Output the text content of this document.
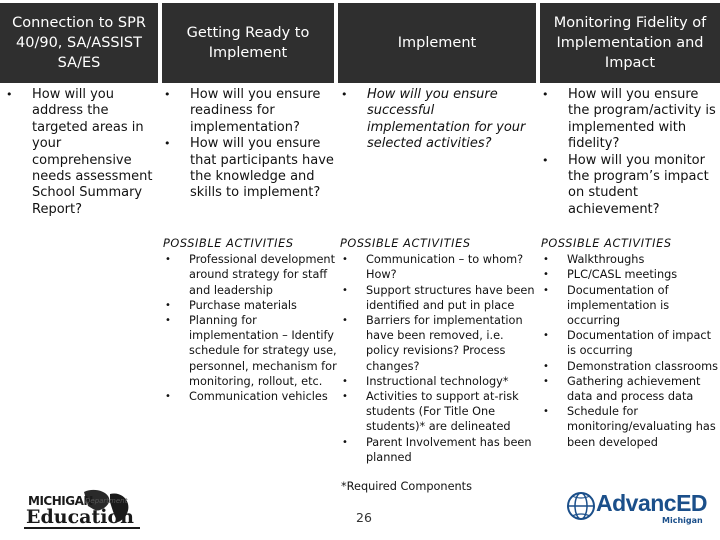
Connection to SPR 40/90, SA/ASSIST SA/ES
Getting Ready to Implement
Implement
Monitoring Fidelity of Implementation and Impact
• How will you address the targeted areas in your comprehensive needs assessment School Summary Report?
• How will you ensure readiness for implementation?
• How will you ensure that participants have the knowledge and skills to implement?
• How will you ensure successful implementation for your selected activities?
• How will you ensure the program/activity is implemented with fidelity?
• How will you monitor the program’s impact on student achievement?
POSSIBLE ACTIVITIES
• Professional development around strategy for staff and leadership
• Purchase materials
• Planning for implementation – Identify schedule for strategy use, personnel, mechanism for monitoring, rollout, etc.
• Communication vehicles
POSSIBLE ACTIVITIES
• Communication – to whom? How?
• Support structures have been identified and put in place
• Barriers for implementation have been removed, i.e. policy revisions? Process changes?
• Instructional technology*
• Activities to support at-risk students (For Title One students)* are delineated
• Parent Involvement has been planned
POSSIBLE ACTIVITIES
• Walkthroughs
• PLC/CASL meetings
• Documentation of implementation is occurring
• Documentation of impact is occurring
• Demonstration classrooms
• Gathering achievement data and process data
• Schedule for monitoring/evaluating has been developed
*Required Components
26
MICHIGAN
Department
Education
AdvancED
Michigan
